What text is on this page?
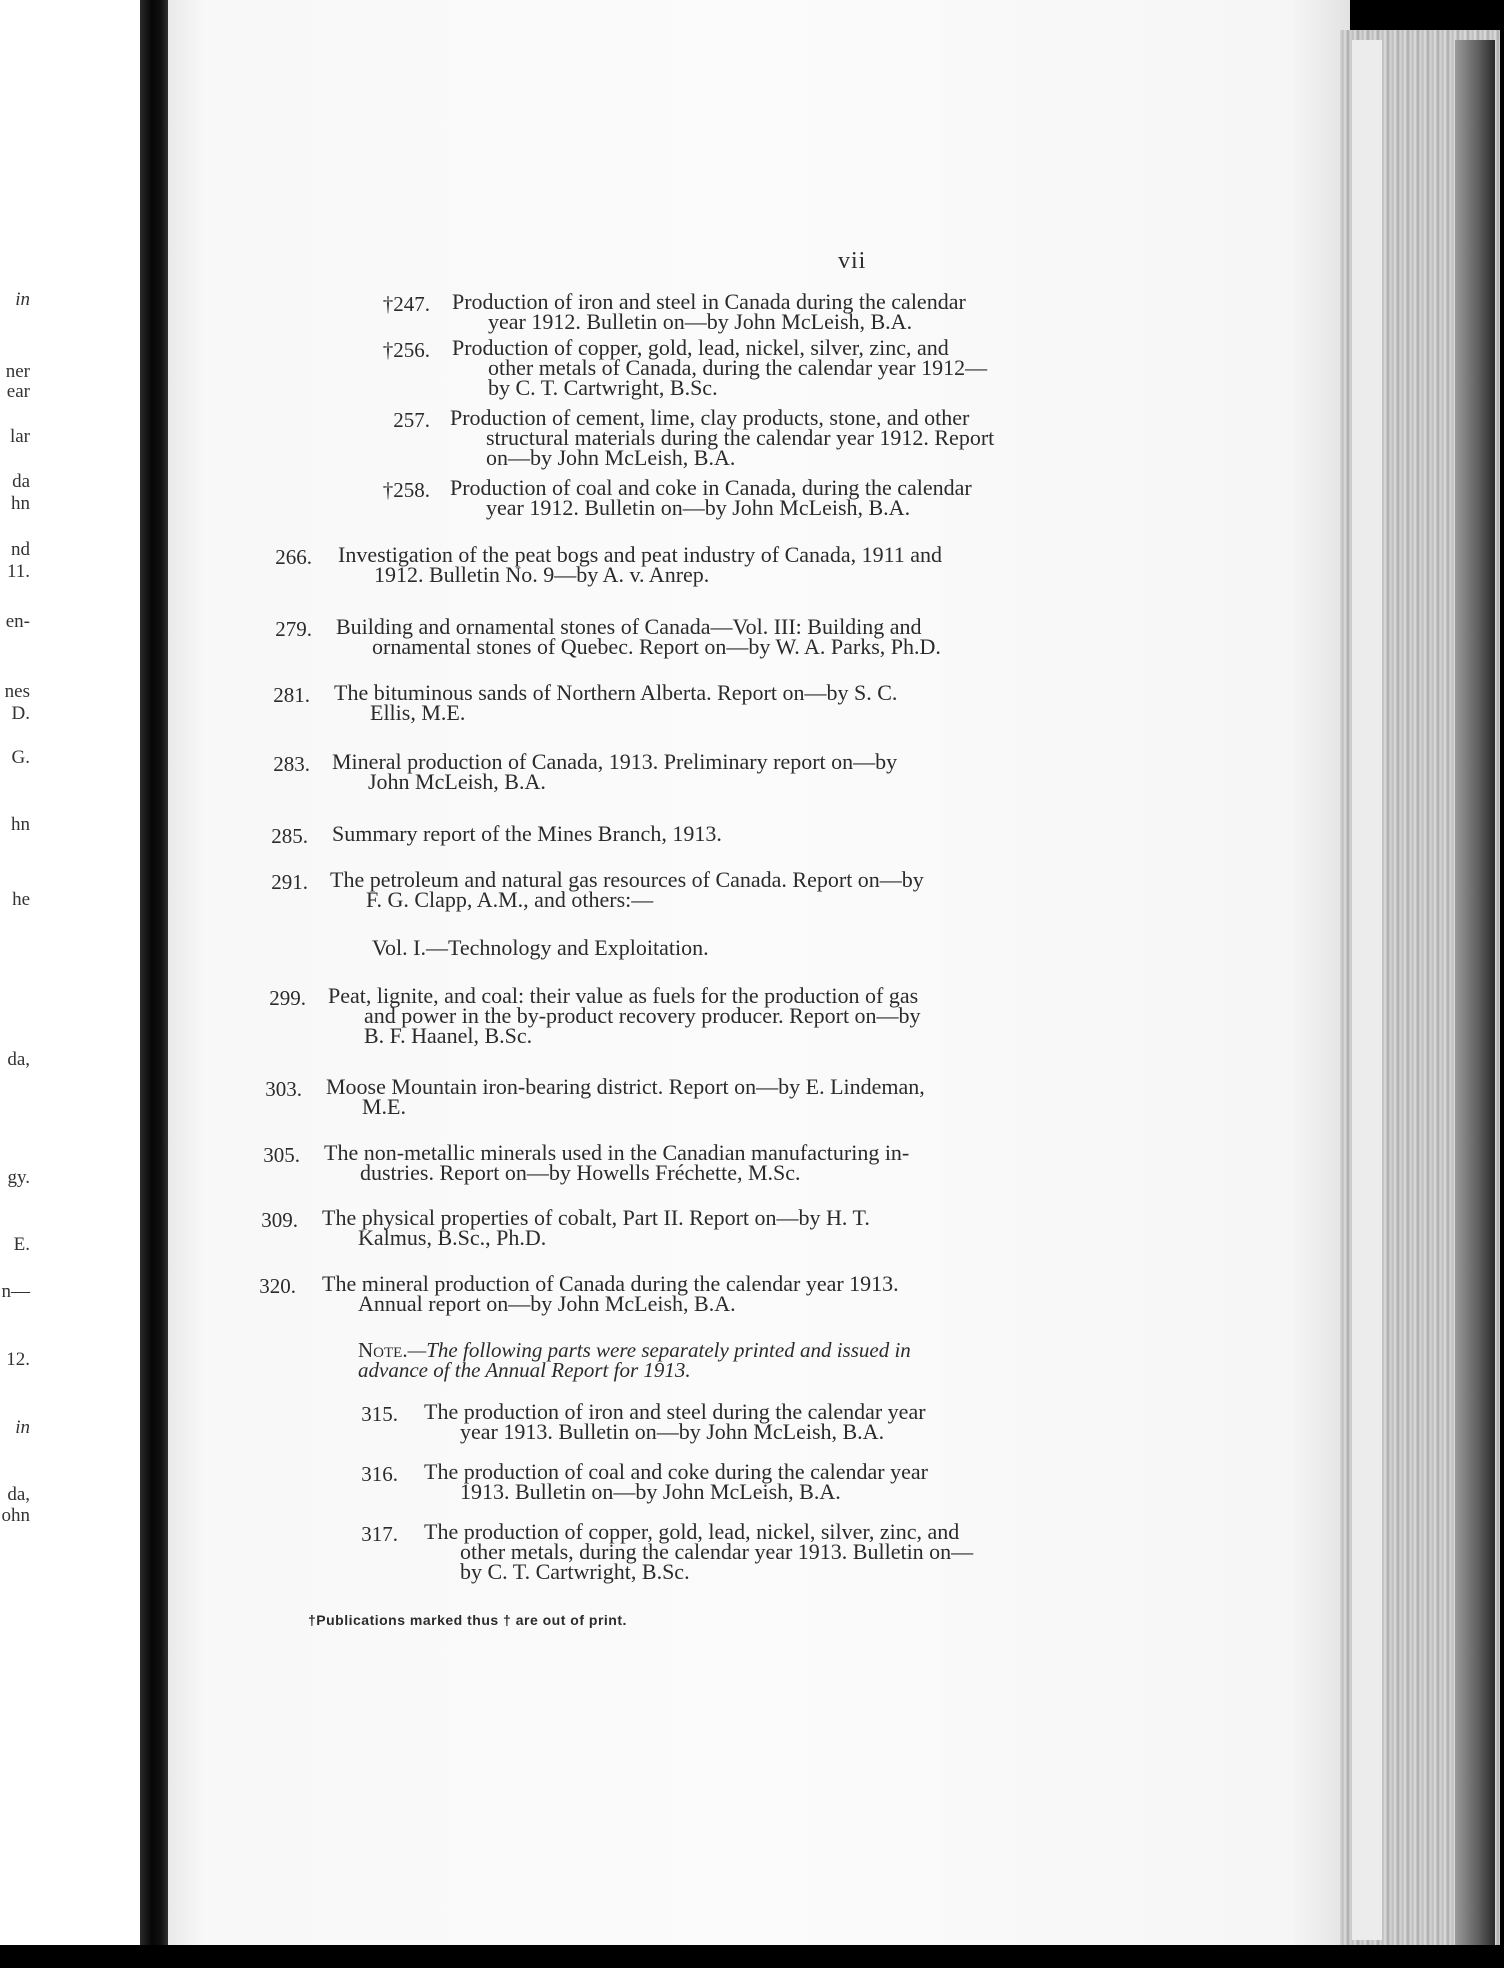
in
ner
ear
lar
da
hn
nd
11.
en-
nes
D.
G.
hn
he
da,
gy.
E.
n—
12.
in
da,
ohn
vii
†247. Production of iron and steel in Canada during the calendar
year 1912. Bulletin on—by John McLeish, B.A.
†256. Production of copper, gold, lead, nickel, silver, zinc, and
other metals of Canada, during the calendar year 1912—
by C. T. Cartwright, B.Sc.
257. Production of cement, lime, clay products, stone, and other
structural materials during the calendar year 1912. Report
on—by John McLeish, B.A.
†258. Production of coal and coke in Canada, during the calendar
year 1912. Bulletin on—by John McLeish, B.A.
266. Investigation of the peat bogs and peat industry of Canada, 1911 and
1912. Bulletin No. 9—by A. v. Anrep.
279. Building and ornamental stones of Canada—Vol. III: Building and
ornamental stones of Quebec. Report on—by W. A. Parks, Ph.D.
281. The bituminous sands of Northern Alberta. Report on—by S. C.
Ellis, M.E.
283. Mineral production of Canada, 1913. Preliminary report on—by
John McLeish, B.A.
285. Summary report of the Mines Branch, 1913.
291. The petroleum and natural gas resources of Canada. Report on—by
F. G. Clapp, A.M., and others:—
Vol. I.—Technology and Exploitation.
299. Peat, lignite, and coal: their value as fuels for the production of gas
and power in the by-product recovery producer. Report on—by
B. F. Haanel, B.Sc.
303. Moose Mountain iron-bearing district. Report on—by E. Lindeman,
M.E.
305. The non-metallic minerals used in the Canadian manufacturing in-
dustries. Report on—by Howells Fréchette, M.Sc.
309. The physical properties of cobalt, Part II. Report on—by H. T.
Kalmus, B.Sc., Ph.D.
320. The mineral production of Canada during the calendar year 1913.
Annual report on—by John McLeish, B.A.
Note.—The following parts were separately printed and issued in
advance of the Annual Report for 1913.
315. The production of iron and steel during the calendar year
year 1913. Bulletin on—by John McLeish, B.A.
316. The production of coal and coke during the calendar year
1913. Bulletin on—by John McLeish, B.A.
317. The production of copper, gold, lead, nickel, silver, zinc, and
other metals, during the calendar year 1913. Bulletin on—
by C. T. Cartwright, B.Sc.
†Publications marked thus † are out of print.
